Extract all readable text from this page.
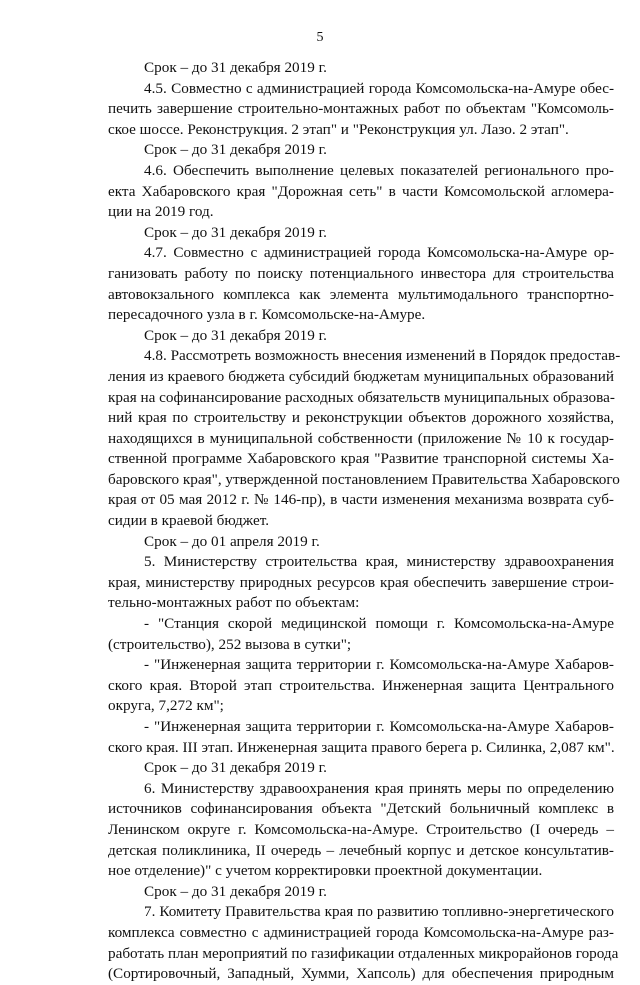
5
Срок – до 31 декабря 2019 г.
4.5. Совместно с администрацией города Комсомольска-на-Амуре обес-
печить завершение строительно-монтажных работ по объектам "Комсомоль-
ское шоссе. Реконструкция. 2 этап" и "Реконструкция ул. Лазо. 2 этап".
Срок – до 31 декабря 2019 г.
4.6. Обеспечить выполнение целевых показателей регионального про-
екта Хабаровского края "Дорожная сеть" в части Комсомольской агломера-
ции на 2019 год.
Срок – до 31 декабря 2019 г.
4.7. Совместно с администрацией города Комсомольска-на-Амуре ор-
ганизовать работу по поиску потенциального инвестора для строительства
автовокзального комплекса как элемента мультимодального транспортно-
пересадочного узла в г. Комсомольске-на-Амуре.
Срок – до 31 декабря 2019 г.
4.8. Рассмотреть возможность внесения изменений в Порядок предостав-
ления из краевого бюджета субсидий бюджетам муниципальных образований
края на софинансирование расходных обязательств муниципальных образова-
ний края по строительству и реконструкции объектов дорожного хозяйства,
находящихся в муниципальной собственности (приложение № 10 к государ-
ственной программе Хабаровского края "Развитие транспорной системы Ха-
баровского края", утвержденной постановлением Правительства Хабаровского
края от 05 мая 2012 г. № 146-пр), в части изменения механизма возврата суб-
сидии в краевой бюджет.
Срок – до 01 апреля 2019 г.
5. Министерству строительства края, министерству здравоохранения
края, министерству природных ресурсов края обеспечить завершение строи-
тельно-монтажных работ по объектам:
- "Станция скорой медицинской помощи г. Комсомольска-на-Амуре
(строительство), 252 вызова в сутки";
- "Инженерная защита территории г. Комсомольска-на-Амуре Хабаров-
ского края. Второй этап строительства. Инженерная защита Центрального
округа, 7,272 км";
- "Инженерная защита территории г. Комсомольска-на-Амуре Хабаров-
ского края. III этап. Инженерная защита правого берега р. Силинка, 2,087 км".
Срок – до 31 декабря 2019 г.
6. Министерству здравоохранения края принять меры по определению
источников софинансирования объекта "Детский больничный комплекс в
Ленинском округе г. Комсомольска-на-Амуре. Строительство (I очередь –
детская поликлиника, II очередь – лечебный корпус и детское консультатив-
ное отделение)" с учетом корректировки проектной документации.
Срок – до 31 декабря 2019 г.
7. Комитету Правительства края по развитию топливно-энергетического
комплекса совместно с администрацией города Комсомольска-на-Амуре раз-
работать план мероприятий по газификации отдаленных микрорайонов города
(Сортировочный, Западный, Хумми, Хапсоль) для обеспечения природным
